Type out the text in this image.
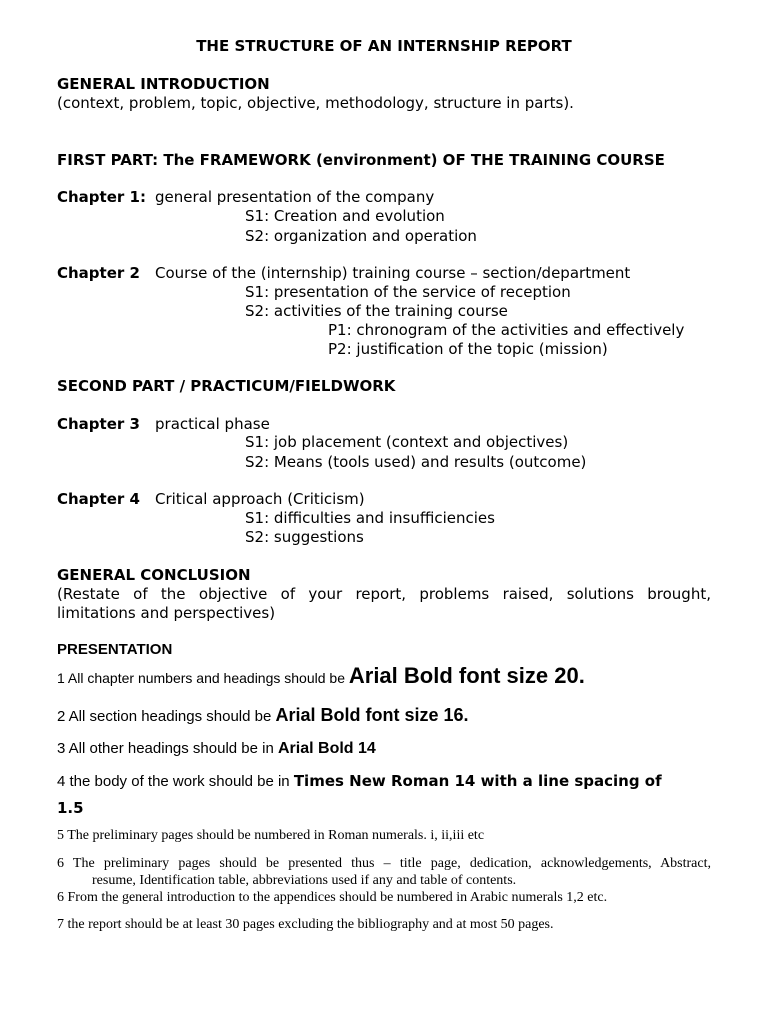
THE STRUCTURE OF AN INTERNSHIP REPORT
GENERAL INTRODUCTION
(context, problem, topic, objective, methodology, structure in parts).
FIRST PART: The FRAMEWORK (environment) OF THE TRAINING COURSE
Chapter 1: general presentation of the company
S1: Creation and evolution
S2: organization and operation
Chapter 2 Course of the (internship) training course – section/department
S1: presentation of the service of reception
S2: activities of the training course
P1: chronogram of the activities and effectively
P2: justification of the topic (mission)
SECOND PART / PRACTICUM/FIELDWORK
Chapter 3 practical phase
S1: job placement (context and objectives)
S2: Means (tools used) and results (outcome)
Chapter 4 Critical approach (Criticism)
S1: difficulties and insufficiencies
S2: suggestions
GENERAL CONCLUSION
(Restate of the objective of your report, problems raised, solutions brought,
limitations and perspectives)
PRESENTATION
1 All chapter numbers and headings should be Arial Bold font size 20.
2 All section headings should be Arial Bold font size 16.
3 All other headings should be in Arial Bold 14
4 the body of the work should be in Times New Roman 14 with a line spacing of
1.5
5 The preliminary pages should be numbered in Roman numerals. i, ii,iii etc
6 The preliminary pages should be presented thus – title page, dedication, acknowledgements, Abstract,
resume, Identification table, abbreviations used if any and table of contents.
6 From the general introduction to the appendices should be numbered in Arabic numerals 1,2 etc.
7 the report should be at least 30 pages excluding the bibliography and at most 50 pages.
